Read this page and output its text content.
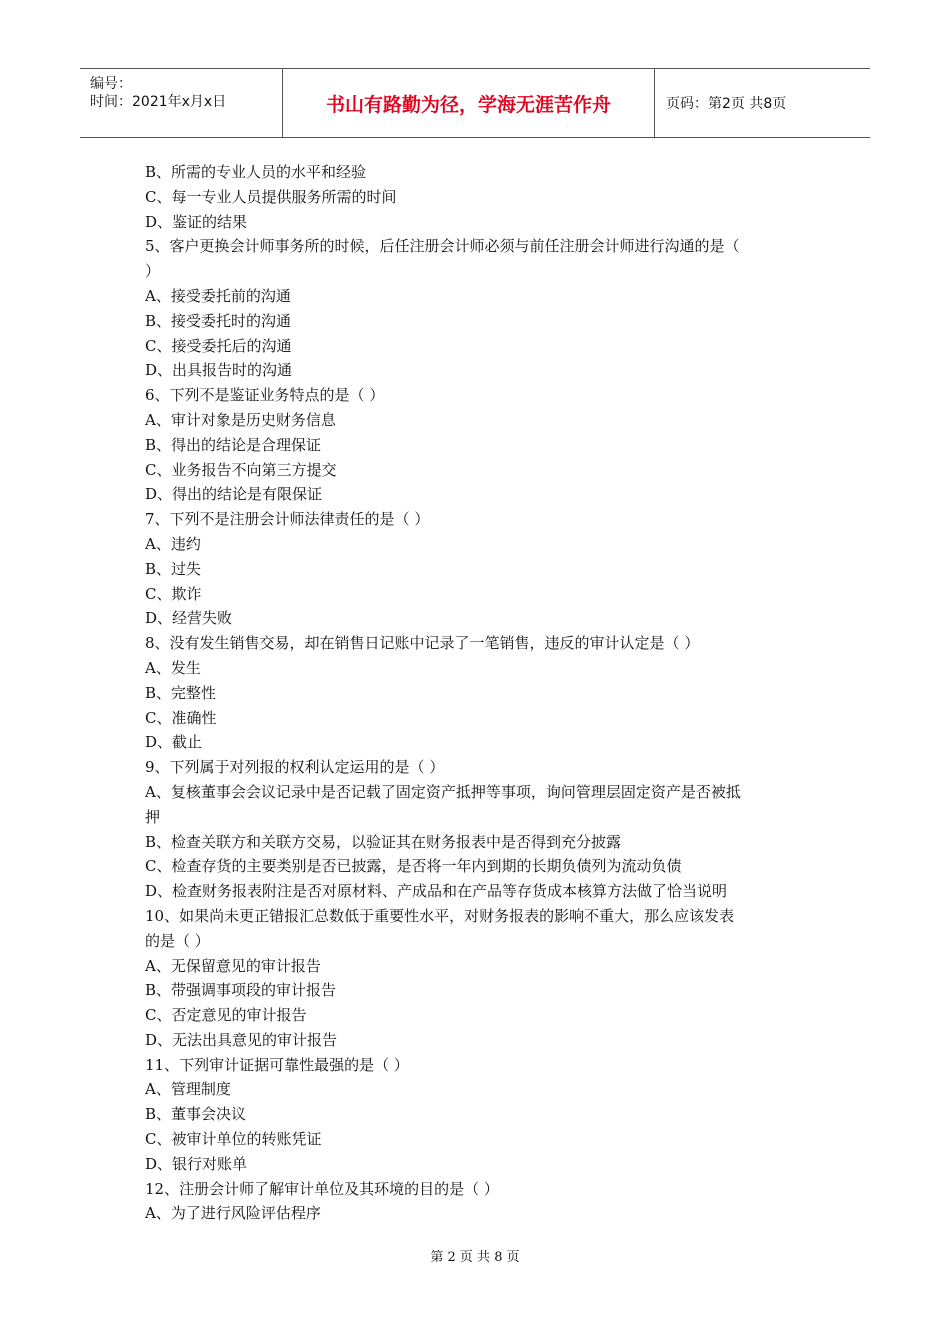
编号：
时间：2021年x月x日	书山有路勤为径，学海无涯苦作舟	页码：第2页 共8页
B、所需的专业人员的水平和经验
C、每一专业人员提供服务所需的时间
D、鉴证的结果
5、客户更换会计师事务所的时候，后任注册会计师必须与前任注册会计师进行沟通的是（
）
A、接受委托前的沟通
B、接受委托时的沟通
C、接受委托后的沟通
D、出具报告时的沟通
6、下列不是鉴证业务特点的是（ ）
A、审计对象是历史财务信息
B、得出的结论是合理保证
C、业务报告不向第三方提交
D、得出的结论是有限保证
7、下列不是注册会计师法律责任的是（ ）
A、违约
B、过失
C、欺诈
D、经营失败
8、没有发生销售交易，却在销售日记账中记录了一笔销售，违反的审计认定是（ ）
A、发生
B、完整性
C、准确性
D、截止
9、下列属于对列报的权利认定运用的是（ ）
A、复核董事会会议记录中是否记载了固定资产抵押等事项，询问管理层固定资产是否被抵
押
B、检查关联方和关联方交易，以验证其在财务报表中是否得到充分披露
C、检查存货的主要类别是否已披露，是否将一年内到期的长期负债列为流动负债
D、检查财务报表附注是否对原材料、产成品和在产品等存货成本核算方法做了恰当说明
10、如果尚未更正错报汇总数低于重要性水平，对财务报表的影响不重大，那么应该发表
的是（ ）
A、无保留意见的审计报告
B、带强调事项段的审计报告
C、否定意见的审计报告
D、无法出具意见的审计报告
11、下列审计证据可靠性最强的是（ ）
A、管理制度
B、董事会决议
C、被审计单位的转账凭证
D、银行对账单
12、注册会计师了解审计单位及其环境的目的是（ ）
A、为了进行风险评估程序
第 2 页 共 8 页
